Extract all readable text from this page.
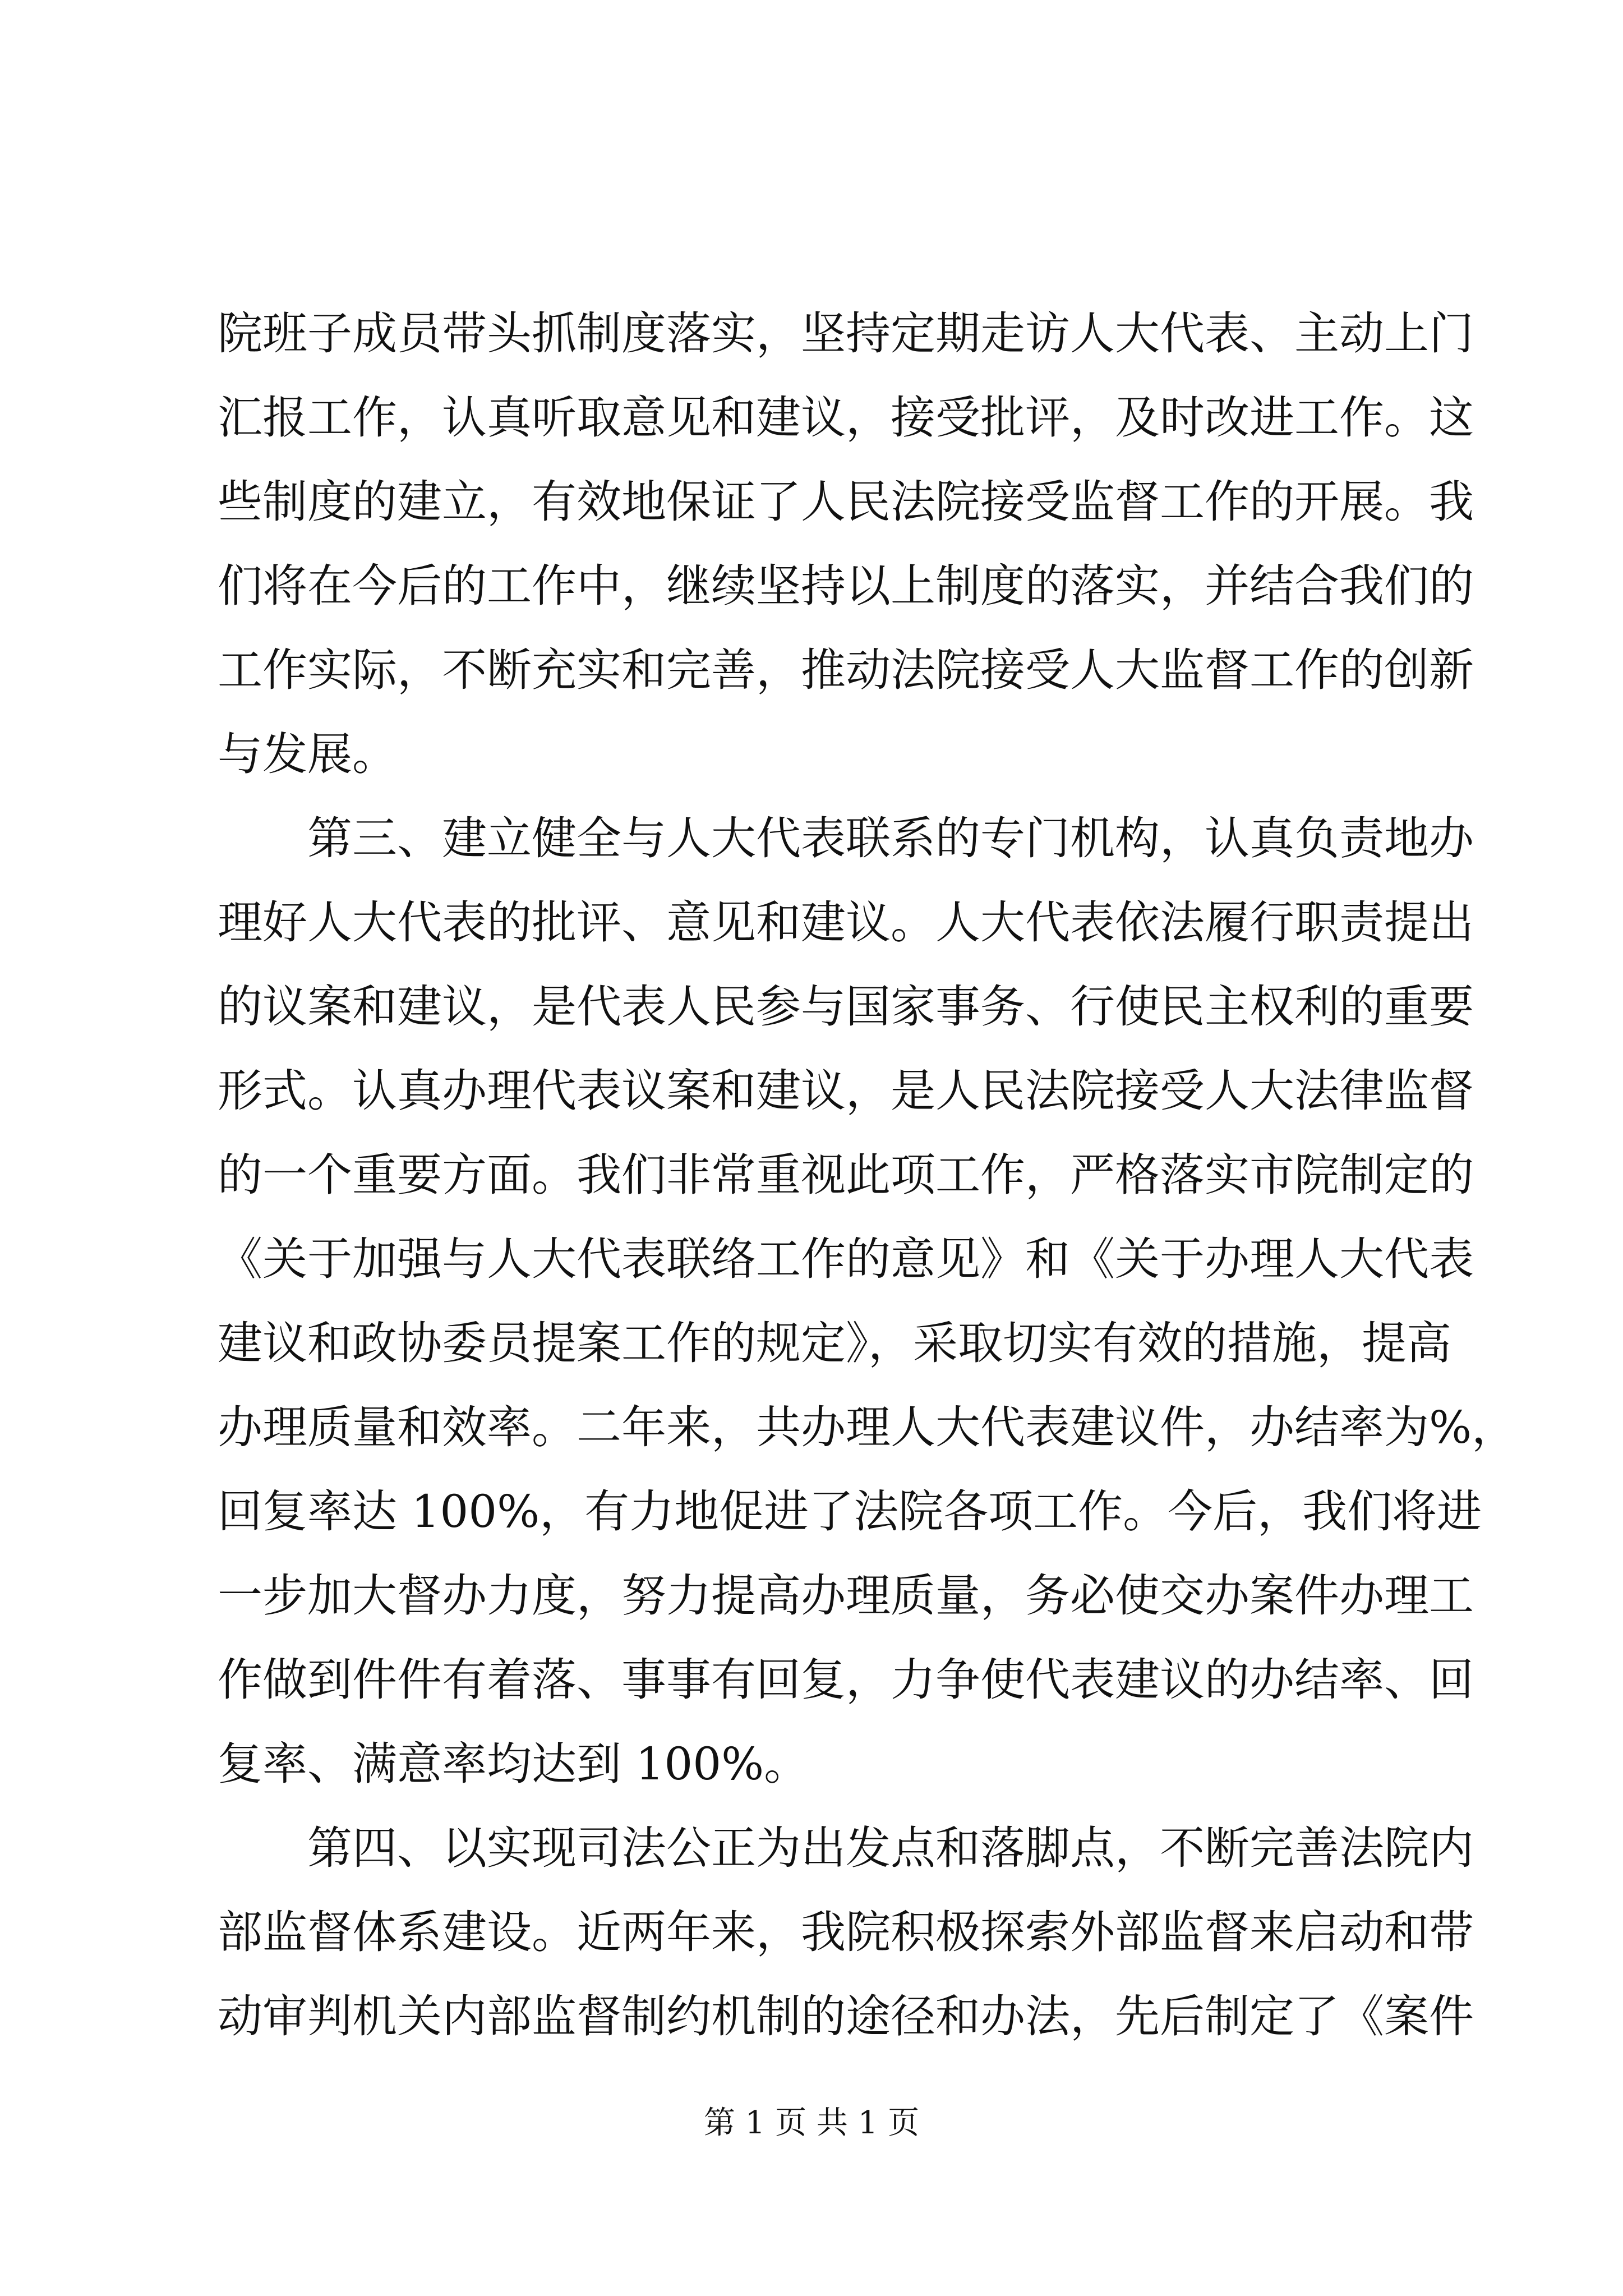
院班子成员带头抓制度落实，坚持定期走访人大代表、主动上门
汇报工作，认真听取意见和建议，接受批评，及时改进工作。这
些制度的建立，有效地保证了人民法院接受监督工作的开展。我
们将在今后的工作中，继续坚持以上制度的落实，并结合我们的
工作实际，不断充实和完善，推动法院接受人大监督工作的创新
与发展。
第三、建立健全与人大代表联系的专门机构，认真负责地办
理好人大代表的批评、意见和建议。人大代表依法履行职责提出
的议案和建议，是代表人民参与国家事务、行使民主权利的重要
形式。认真办理代表议案和建议，是人民法院接受人大法律监督
的一个重要方面。我们非常重视此项工作，严格落实市院制定的
《关于加强与人大代表联络工作的意见》和《关于办理人大代表
建议和政协委员提案工作的规定》，采取切实有效的措施，提高
办理质量和效率。二年来，共办理人大代表建议件，办结率为%，
回复率达 100%，有力地促进了法院各项工作。今后，我们将进
一步加大督办力度，努力提高办理质量，务必使交办案件办理工
作做到件件有着落、事事有回复，力争使代表建议的办结率、回
复率、满意率均达到 100%。
第四、以实现司法公正为出发点和落脚点，不断完善法院内
部监督体系建设。近两年来，我院积极探索外部监督来启动和带
动审判机关内部监督制约机制的途径和办法，先后制定了《案件
第 1 页 共 1 页
